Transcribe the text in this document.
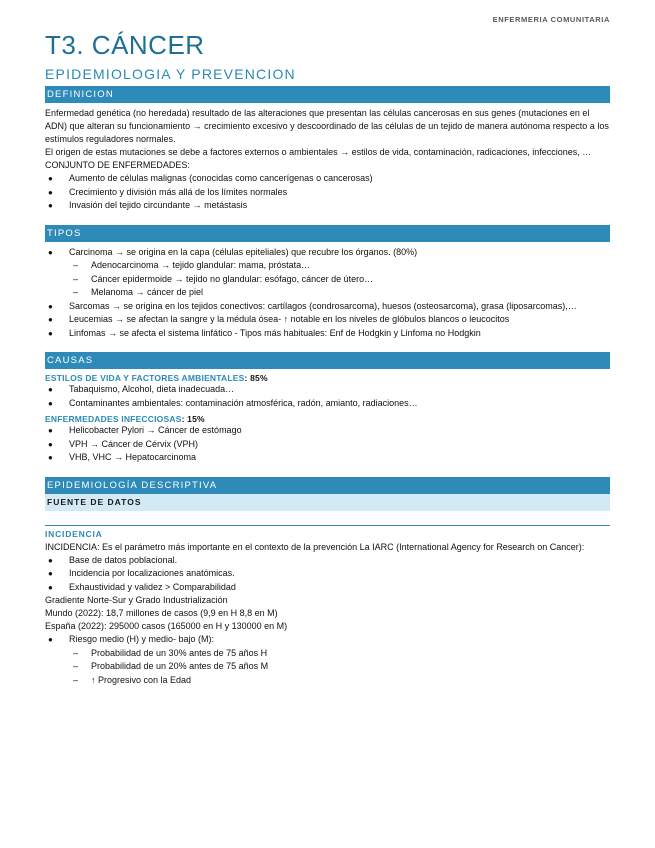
ENFERMERIA COMUNITARIA
T3. CÁNCER
EPIDEMIOLOGIA Y PREVENCION
DEFINICION
Enfermedad genética (no heredada) resultado de las alteraciones que presentan las células cancerosas en sus genes (mutaciones en el ADN) que alteran su funcionamiento → crecimiento excesivo y descoordinado de las células de un tejido de manera autónoma respecto a los estímulos reguladores normales.
El origen de estas mutaciones se debe a factores externos o ambientales → estilos de vida, contaminación, radicaciones, infecciones, …
CONJUNTO DE ENFERMEDADES:
● Aumento de células malignas (conocidas como cancerígenas o cancerosas)
● Crecimiento y división más allá de los límites normales
● Invasión del tejido circundante → metástasis
TIPOS
● Carcinoma → se origina en la capa (células epiteliales) que recubre los órganos. (80%)
– Adenocarcinoma → tejido glandular: mama, próstata…
– Cáncer epidermoide → tejido no glandular: esófago, cáncer de útero…
– Melanoma → cáncer de piel
● Sarcomas → se origina en los tejidos conectivos: cartílagos (condrosarcoma), huesos (osteosarcoma), grasa (liposarcomas),…
● Leucemias → se afectan la sangre y la médula ósea- ↑ notable en los niveles de glóbulos blancos o leucocitos
● Linfomas → se afecta el sistema linfático - Tipos más habituales: Enf de Hodgkin y Linfoma no Hodgkin
CAUSAS
ESTILOS DE VIDA Y FACTORES AMBIENTALES: 85%
● Tabaquismo, Alcohol, dieta inadecuada…
● Contaminantes ambientales: contaminación atmosférica, radón, amianto, radiaciones…
ENFERMEDADES INFECCIOSAS: 15%
● Helicobacter Pylori → Cáncer de estómago
● VPH → Cáncer de Cérvix (VPH)
● VHB, VHC → Hepatocarcinoma
EPIDEMIOLOGÍA DESCRIPTIVA
FUENTE DE DATOS
INCIDENCIA
INCIDENCIA: Es el parámetro más importante en el contexto de la prevención La IARC (International Agency for Research on Cancer):
● Base de datos poblacional.
● Incidencia por localizaciones anatómicas.
● Exhaustividad y validez > Comparabilidad
Gradiente Norte-Sur y Grado Industrialización
Mundo (2022): 18,7 millones de casos (9,9 en H 8,8 en M)
España (2022): 295000 casos (165000 en H y 130000 en M)
● Riesgo medio (H) y medio- bajo (M):
– Probabilidad de un 30% antes de 75 años H
– Probabilidad de un 20% antes de 75 años M
– ↑ Progresivo con la Edad
